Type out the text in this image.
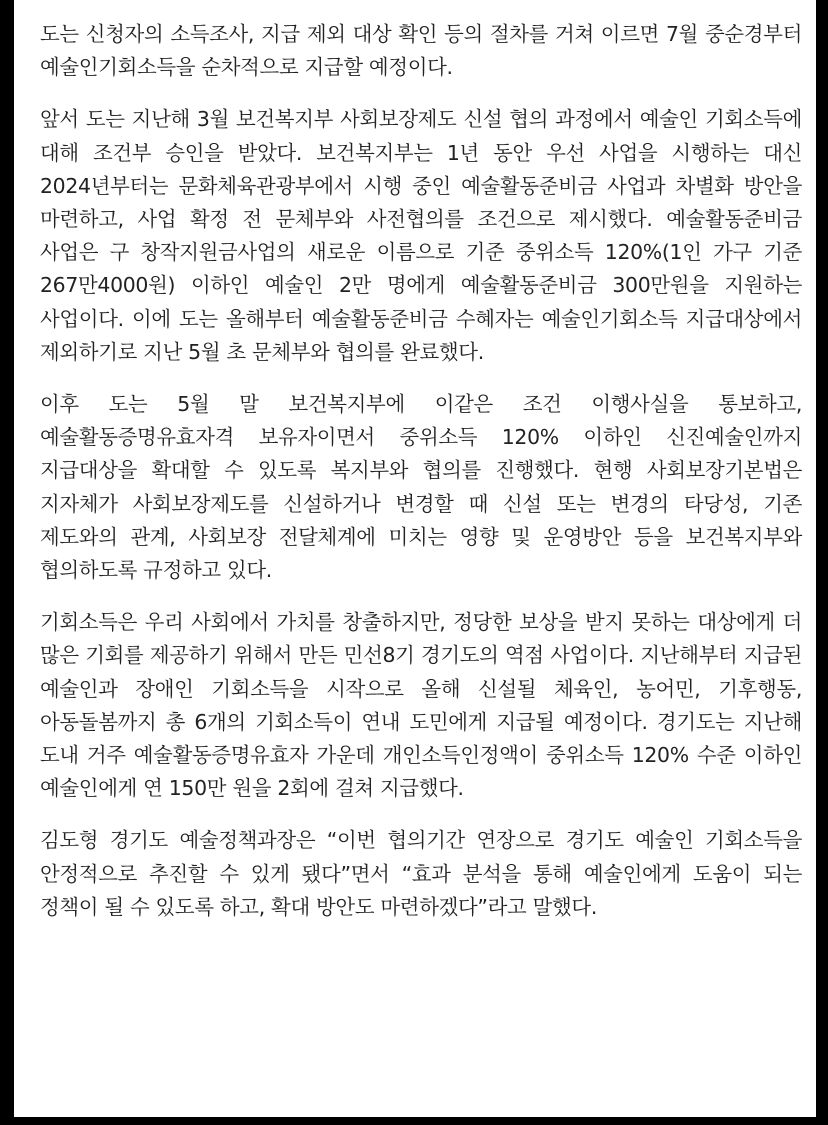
도는 신청자의 소득조사, 지급 제외 대상 확인 등의 절차를 거쳐 이르면 7월 중순경부터 예술인기회소득을 순차적으로 지급할 예정이다.

앞서 도는 지난해 3월 보건복지부 사회보장제도 신설 협의 과정에서 예술인 기회소득에 대해 조건부 승인을 받았다. 보건복지부는 1년 동안 우선 사업을 시행하는 대신 2024년부터는 문화체육관광부에서 시행 중인 예술활동준비금 사업과 차별화 방안을 마련하고, 사업 확정 전 문체부와 사전협의를 조건으로 제시했다. 예술활동준비금 사업은 구 창작지원금사업의 새로운 이름으로 기준 중위소득 120%(1인 가구 기준 267만4000원) 이하인 예술인 2만 명에게 예술활동준비금 300만원을 지원하는 사업이다. 이에 도는 올해부터 예술활동준비금 수혜자는 예술인기회소득 지급대상에서 제외하기로 지난 5월 초 문체부와 협의를 완료했다.

이후 도는 5월 말 보건복지부에 이같은 조건 이행사실을 통보하고, 예술활동증명유효자격 보유자이면서 중위소득 120% 이하인 신진예술인까지 지급대상을 확대할 수 있도록 복지부와 협의를 진행했다. 현행 사회보장기본법은 지자체가 사회보장제도를 신설하거나 변경할 때 신설 또는 변경의 타당성, 기존 제도와의 관계, 사회보장 전달체계에 미치는 영향 및 운영방안 등을 보건복지부와 협의하도록 규정하고 있다.

기회소득은 우리 사회에서 가치를 창출하지만, 정당한 보상을 받지 못하는 대상에게 더 많은 기회를 제공하기 위해서 만든 민선8기 경기도의 역점 사업이다. 지난해부터 지급된 예술인과 장애인 기회소득을 시작으로 올해 신설될 체육인, 농어민, 기후행동, 아동돌봄까지 총 6개의 기회소득이 연내 도민에게 지급될 예정이다. 경기도는 지난해 도내 거주 예술활동증명유효자 가운데 개인소득인정액이 중위소득 120% 수준 이하인 예술인에게 연 150만 원을 2회에 걸쳐 지급했다.

김도형 경기도 예술정책과장은 “이번 협의기간 연장으로 경기도 예술인 기회소득을 안정적으로 추진할 수 있게 됐다”면서 “효과 분석을 통해 예술인에게 도움이 되는 정책이 될 수 있도록 하고, 확대 방안도 마련하겠다”라고 말했다.
